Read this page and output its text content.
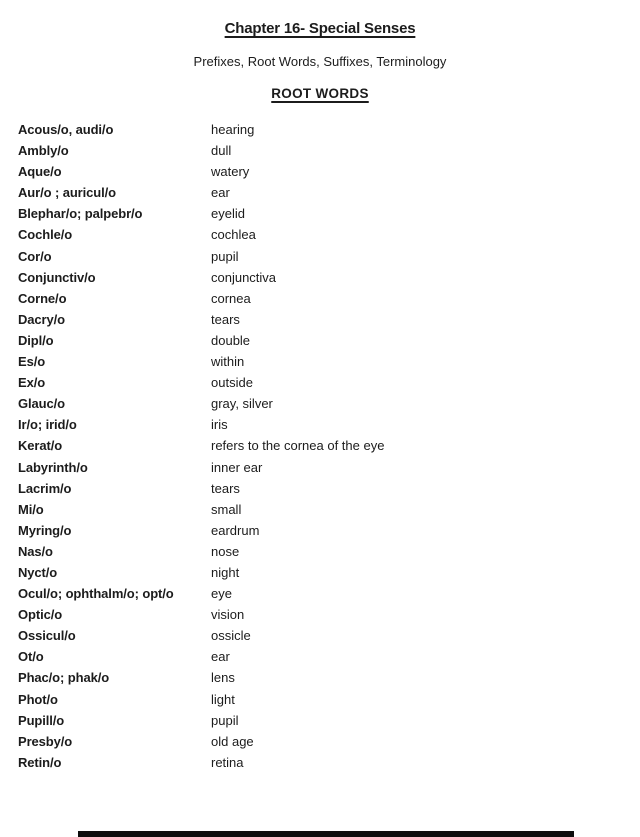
Chapter 16- Special Senses
Prefixes, Root Words, Suffixes, Terminology
ROOT WORDS
Acous/o, audi/o	hearing
Ambly/o	dull
Aque/o	watery
Aur/o ; auricul/o	ear
Blephar/o; palpebr/o	eyelid
Cochle/o	cochlea
Cor/o	pupil
Conjunctiv/o	conjunctiva
Corne/o	cornea
Dacry/o	tears
Dipl/o	double
Es/o	within
Ex/o	outside
Glauc/o	gray, silver
Ir/o; irid/o	iris
Kerat/o	refers to the cornea of the eye
Labyrinth/o	inner ear
Lacrim/o	tears
Mi/o	small
Myring/o	eardrum
Nas/o	nose
Nyct/o	night
Ocul/o; ophthalm/o; opt/o	eye
Optic/o	vision
Ossicul/o	ossicle
Ot/o	ear
Phac/o; phak/o	lens
Phot/o	light
Pupill/o	pupil
Presby/o	old age
Retin/o	retina
